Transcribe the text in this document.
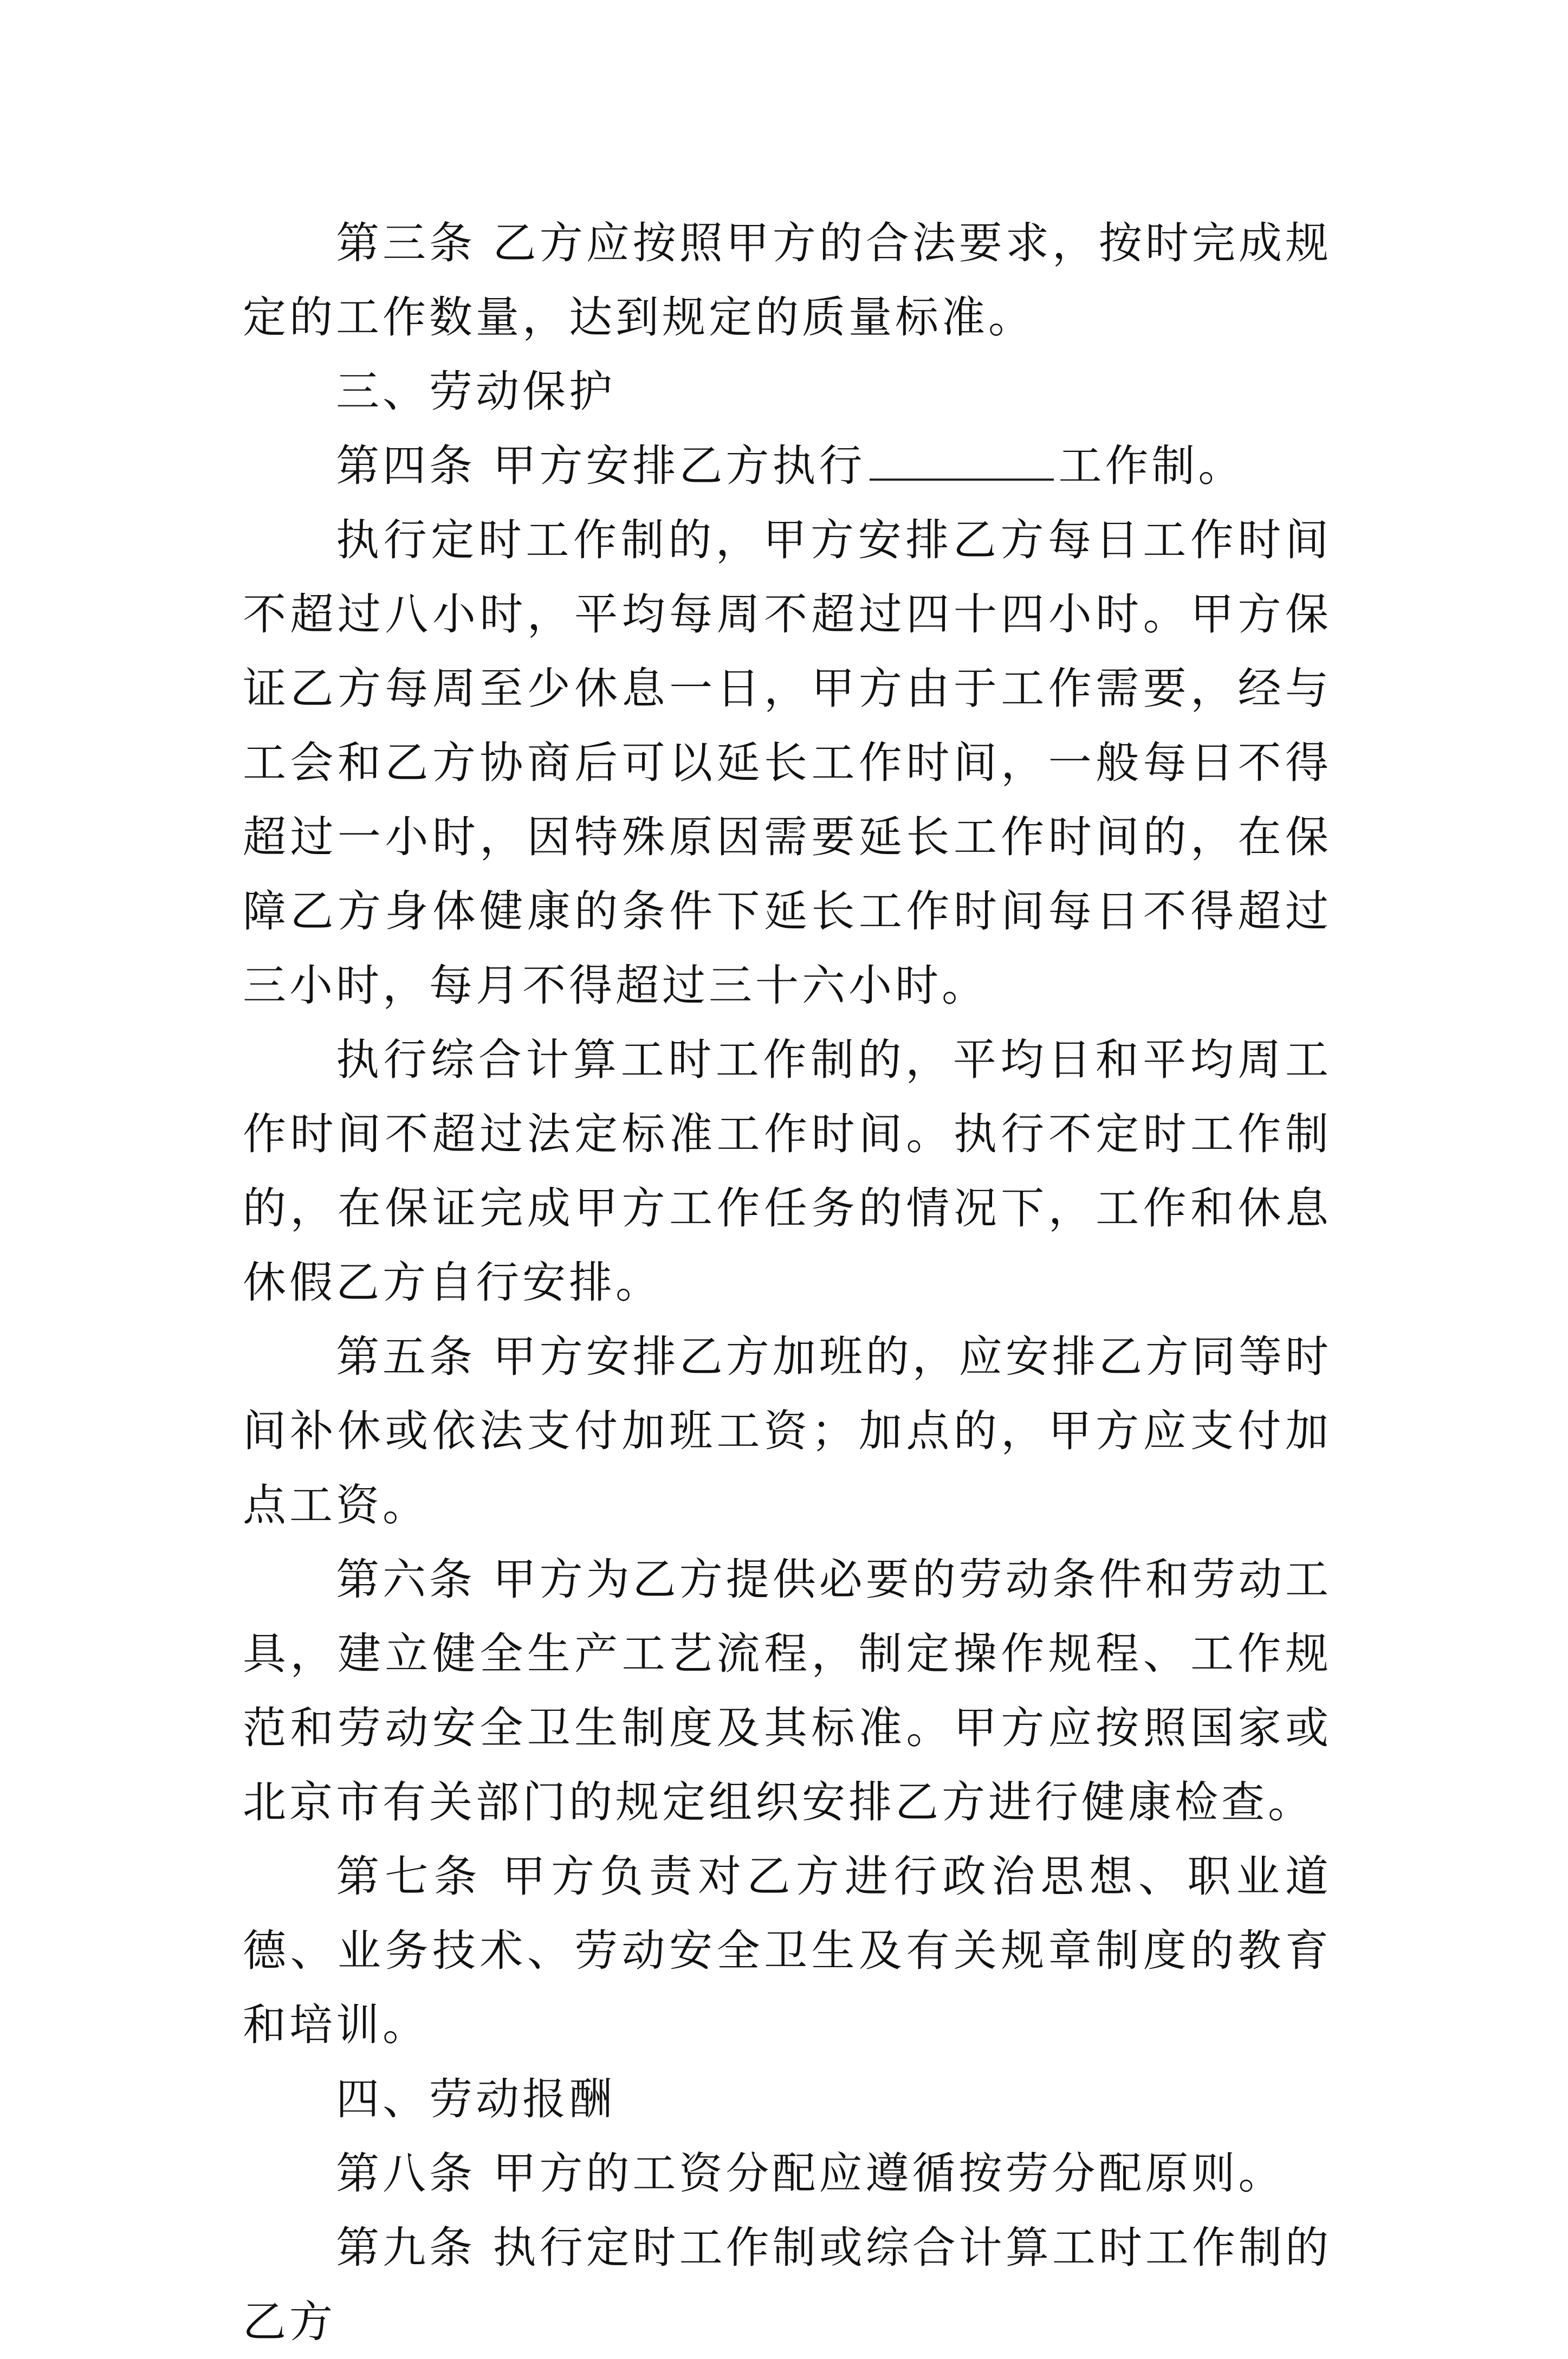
第三条 乙方应按照甲方的合法要求，按时完成规定的工作数量，达到规定的质量标准。

三、劳动保护

第四条 甲方安排乙方执行	工作制。

执行定时工作制的，甲方安排乙方每日工作时间不超过八小时，平均每周不超过四十四小时。甲方保证乙方每周至少休息一日，甲方由于工作需要，经与工会和乙方协商后可以延长工作时间，一般每日不得超过一小时，因特殊原因需要延长工作时间的，在保障乙方身体健康的条件下延长工作时间每日不得超过三小时，每月不得超过三十六小时。

执行综合计算工时工作制的，平均日和平均周工作时间不超过法定标准工作时间。执行不定时工作制的，在保证完成甲方工作任务的情况下，工作和休息休假乙方自行安排。

第五条 甲方安排乙方加班的，应安排乙方同等时间补休或依法支付加班工资；加点的，甲方应支付加点工资。

第六条 甲方为乙方提供必要的劳动条件和劳动工具，建立健全生产工艺流程，制定操作规程、工作规范和劳动安全卫生制度及其标准。甲方应按照国家或北京市有关部门的规定组织安排乙方进行健康检查。

第七条 甲方负责对乙方进行政治思想、职业道德、业务技术、劳动安全卫生及有关规章制度的教育和培训。

四、劳动报酬

第八条 甲方的工资分配应遵循按劳分配原则。

第九条 执行定时工作制或综合计算工时工作制的乙方
